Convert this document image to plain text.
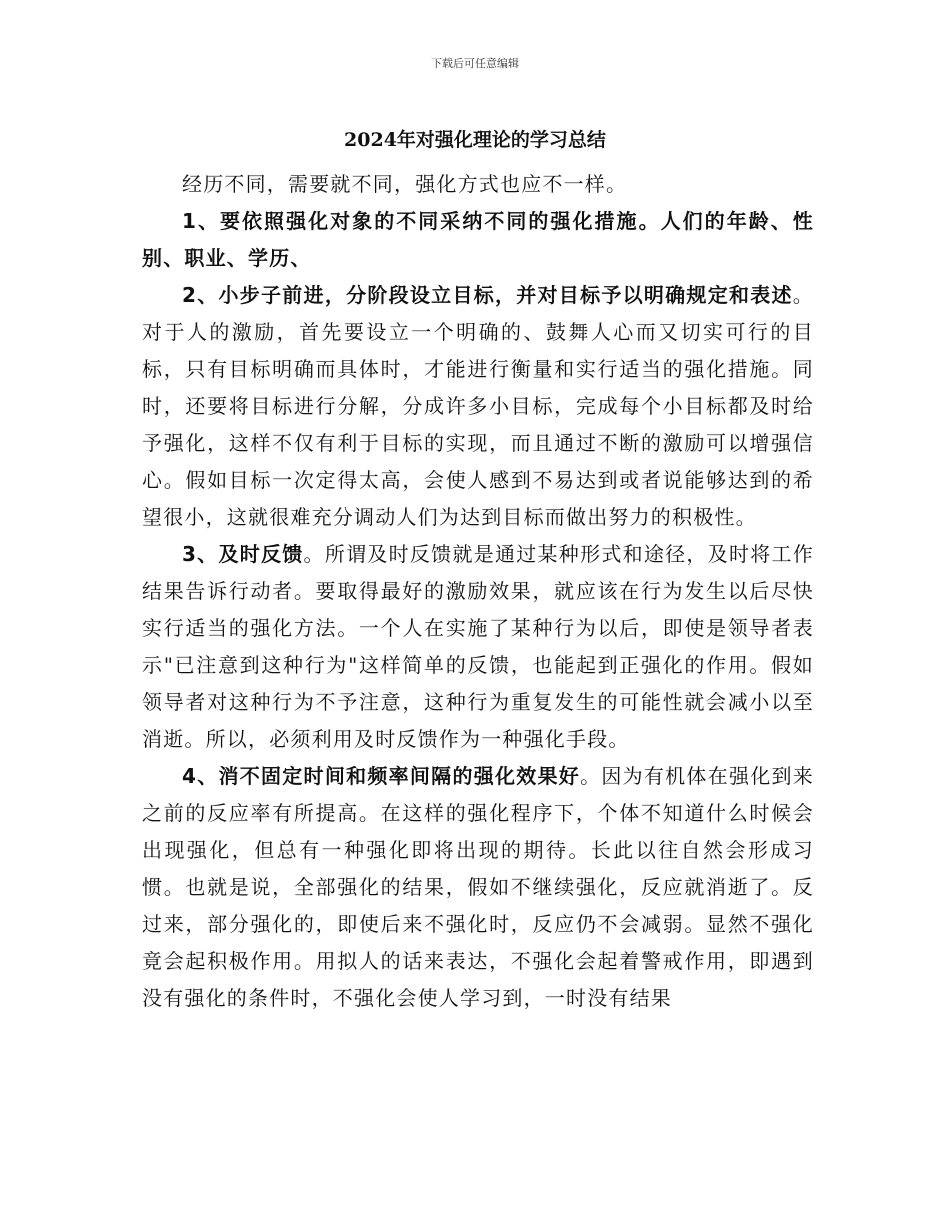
下载后可任意编辑
2024年对强化理论的学习总结

经历不同，需要就不同，强化方式也应不一样。

1、要依照强化对象的不同采纳不同的强化措施。人们的年龄、性别、职业、学历、

2、小步子前进，分阶段设立目标，并对目标予以明确规定和表述。对于人的激励，首先要设立一个明确的、鼓舞人心而又切实可行的目标，只有目标明确而具体时，才能进行衡量和实行适当的强化措施。同时，还要将目标进行分解，分成许多小目标，完成每个小目标都及时给予强化，这样不仅有利于目标的实现，而且通过不断的激励可以增强信心。假如目标一次定得太高，会使人感到不易达到或者说能够达到的希望很小，这就很难充分调动人们为达到目标而做出努力的积极性。

3、及时反馈。所谓及时反馈就是通过某种形式和途径，及时将工作结果告诉行动者。要取得最好的激励效果，就应该在行为发生以后尽快实行适当的强化方法。一个人在实施了某种行为以后，即使是领导者表示"已注意到这种行为"这样简单的反馈，也能起到正强化的作用。假如领导者对这种行为不予注意，这种行为重复发生的可能性就会减小以至消逝。所以，必须利用及时反馈作为一种强化手段。

4、消不固定时间和频率间隔的强化效果好。因为有机体在强化到来之前的反应率有所提高。在这样的强化程序下，个体不知道什么时候会出现强化，但总有一种强化即将出现的期待。长此以往自然会形成习惯。也就是说，全部强化的结果，假如不继续强化，反应就消逝了。反过来，部分强化的，即使后来不强化时，反应仍不会减弱。显然不强化竟会起积极作用。用拟人的话来表达，不强化会起着警戒作用，即遇到没有强化的条件时，不强化会使人学习到，一时没有结果
